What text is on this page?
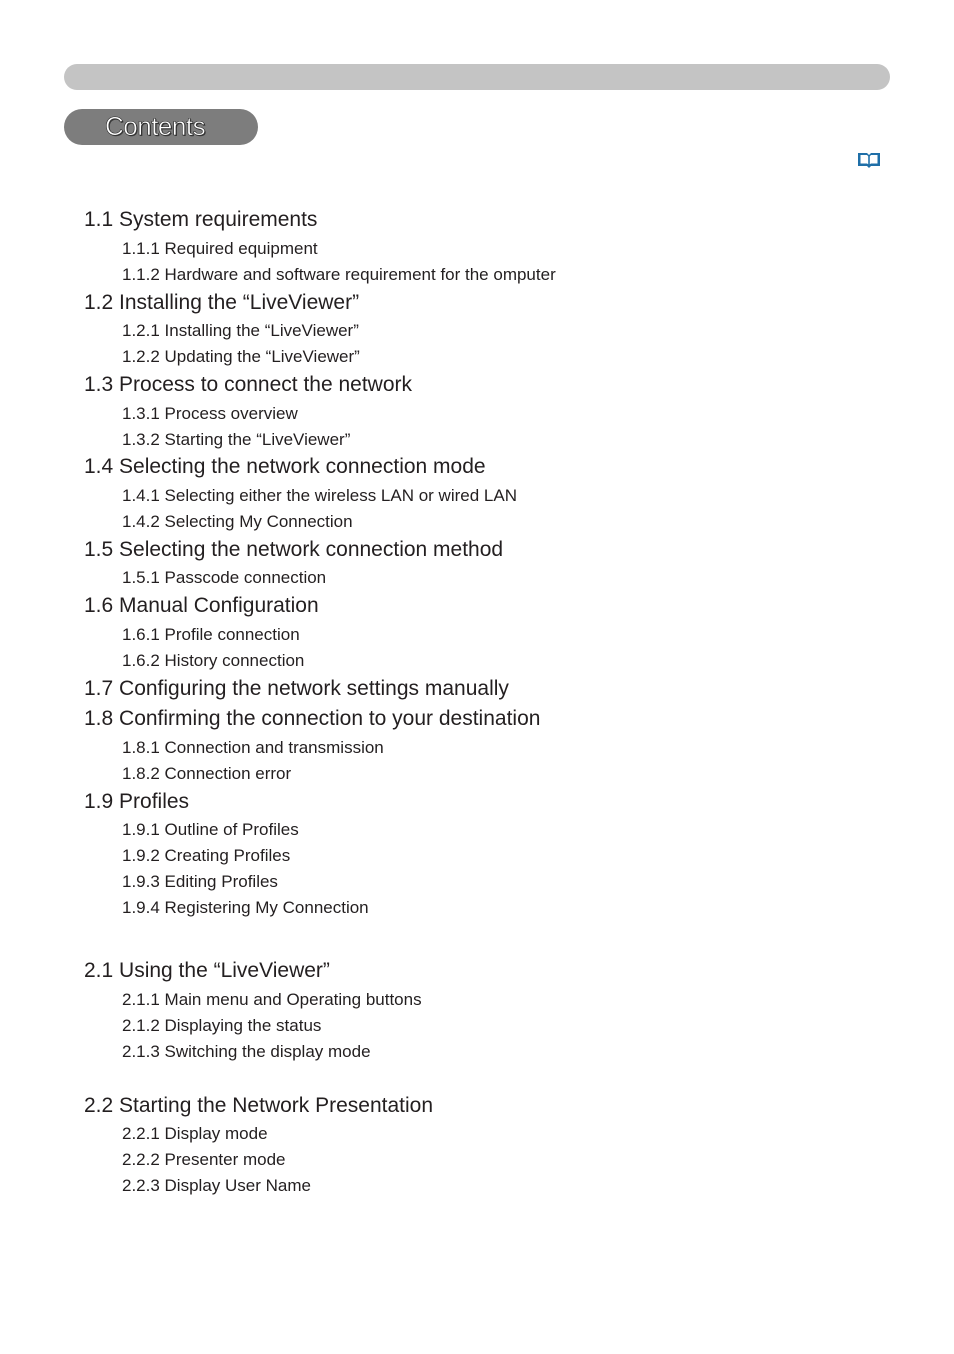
Contents
1.1 System requirements
1.1.1 Required equipment
1.1.2 Hardware and software requirement for the omputer
1.2 Installing the “LiveViewer”
1.2.1 Installing the “LiveViewer”
1.2.2 Updating the “LiveViewer”
1.3 Process to connect the network
1.3.1 Process overview
1.3.2 Starting the “LiveViewer”
1.4 Selecting the network connection mode
1.4.1 Selecting either the wireless LAN or wired LAN
1.4.2 Selecting My Connection
1.5 Selecting the network connection method
1.5.1 Passcode connection
1.6 Manual Configuration
1.6.1 Profile connection
1.6.2 History connection
1.7 Configuring the network settings manually
1.8 Confirming the connection to your destination
1.8.1 Connection and transmission
1.8.2 Connection error
1.9 Profiles
1.9.1 Outline of Profiles
1.9.2 Creating Profiles
1.9.3 Editing Profiles
1.9.4 Registering My Connection
2.1 Using the “LiveViewer”
2.1.1 Main menu and Operating buttons
2.1.2 Displaying the status
2.1.3 Switching the display mode
2.2 Starting the Network Presentation
2.2.1 Display mode
2.2.2 Presenter mode
2.2.3 Display User Name
